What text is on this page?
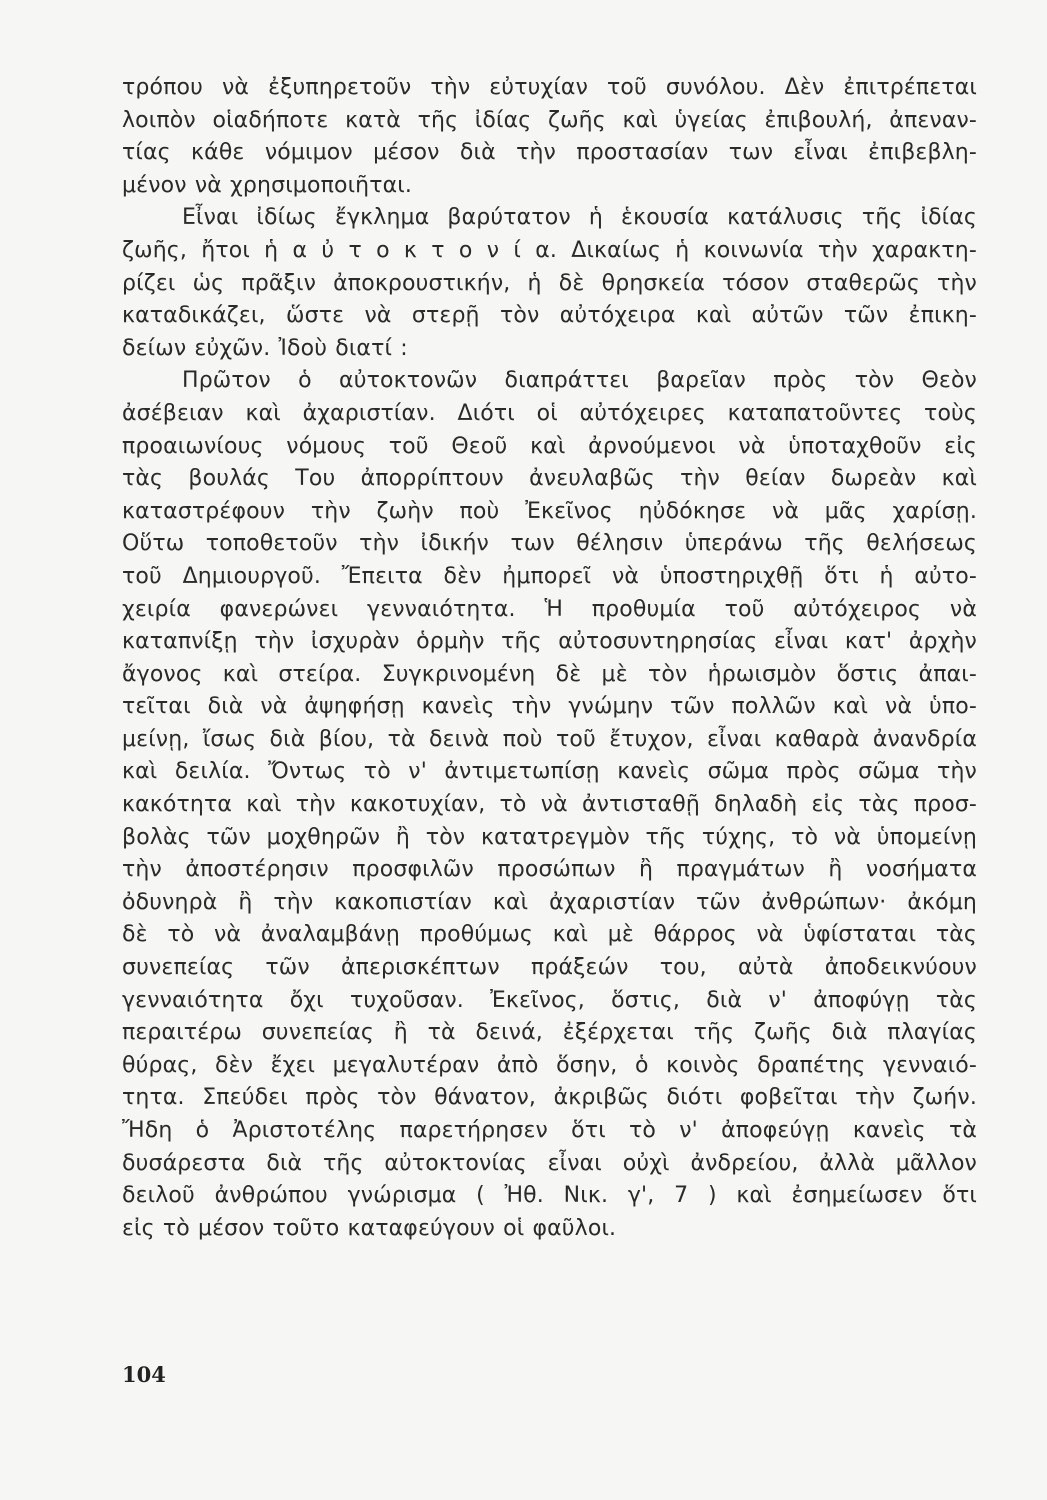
τρόπου νὰ ἐξυπηρετοῦν τὴν εὐτυχίαν τοῦ συνόλου. Δὲν ἐπιτρέπεται
λοιπὸν οἱαδήποτε κατὰ τῆς ἰδίας ζωῆς καὶ ὑγείας ἐπιβουλή, ἀπεναν-
τίας κάθε νόμιμον μέσον διὰ τὴν προστασίαν των εἶναι ἐπιβεβλη-
μένον νὰ χρησιμοποιῆται.
Εἶναι ἰδίως ἔγκλημα βαρύτατον ἡ ἑκουσία κατάλυσις τῆς ἰδίας
ζωῆς, ἤτοι ἡ α ὐ τ ο κ τ ο ν ί α. Δικαίως ἡ κοινωνία τὴν χαρακτη-
ρίζει ὡς πρᾶξιν ἀποκρουστικήν, ἡ δὲ θρησκεία τόσον σταθερῶς τὴν
καταδικάζει, ὥστε νὰ στερῇ τὸν αὐτόχειρα καὶ αὐτῶν τῶν ἐπικη-
δείων εὐχῶν. Ἰδοὺ διατί :
Πρῶτον ὁ αὐτοκτονῶν διαπράττει βαρεῖαν πρὸς τὸν Θεὸν
ἀσέβειαν καὶ ἀχαριστίαν. Διότι οἱ αὐτόχειρες καταπατοῦντες τοὺς
προαιωνίους νόμους τοῦ Θεοῦ καὶ ἀρνούμενοι νὰ ὑποταχθοῦν εἰς
τὰς βουλάς Του ἀπορρίπτουν ἀνευλαβῶς τὴν θείαν δωρεὰν καὶ
καταστρέφουν τὴν ζωὴν ποὺ Ἐκεῖνος ηὐδόκησε νὰ μᾶς χαρίσῃ.
Οὕτω τοποθετοῦν τὴν ἰδικήν των θέλησιν ὑπεράνω τῆς θελήσεως
τοῦ Δημιουργοῦ. Ἔπειτα δὲν ἠμπορεῖ νὰ ὑποστηριχθῇ ὅτι ἡ αὐτο-
χειρία φανερώνει γενναιότητα. Ἡ προθυμία τοῦ αὐτόχειρος νὰ
καταπνίξῃ τὴν ἰσχυρὰν ὁρμὴν τῆς αὐτοσυντηρησίας εἶναι κατ' ἀρχὴν
ἄγονος καὶ στείρα. Συγκρινομένη δὲ μὲ τὸν ἡρωισμὸν ὅστις ἀπαι-
τεῖται διὰ νὰ ἀψηφήσῃ κανεὶς τὴν γνώμην τῶν πολλῶν καὶ νὰ ὑπο-
μείνῃ, ἴσως διὰ βίου, τὰ δεινὰ ποὺ τοῦ ἔτυχον, εἶναι καθαρὰ ἀνανδρία
καὶ δειλία. Ὄντως τὸ ν' ἀντιμετωπίσῃ κανεὶς σῶμα πρὸς σῶμα τὴν
κακότητα καὶ τὴν κακοτυχίαν, τὸ νὰ ἀντισταθῇ δηλαδὴ εἰς τὰς προσ-
βολὰς τῶν μοχθηρῶν ἢ τὸν κατατρεγμὸν τῆς τύχης, τὸ νὰ ὑπομείνῃ
τὴν ἀποστέρησιν προσφιλῶν προσώπων ἢ πραγμάτων ἢ νοσήματα
ὀδυνηρὰ ἢ τὴν κακοπιστίαν καὶ ἀχαριστίαν τῶν ἀνθρώπων· ἀκόμη
δὲ τὸ νὰ ἀναλαμβάνῃ προθύμως καὶ μὲ θάρρος νὰ ὑφίσταται τὰς
συνεπείας τῶν ἀπερισκέπτων πράξεών του, αὐτὰ ἀποδεικνύουν
γενναιότητα ὄχι τυχοῦσαν. Ἐκεῖνος, ὅστις, διὰ ν' ἀποφύγῃ τὰς
περαιτέρω συνεπείας ἢ τὰ δεινά, ἐξέρχεται τῆς ζωῆς διὰ πλαγίας
θύρας, δὲν ἔχει μεγαλυτέραν ἀπὸ ὅσην, ὁ κοινὸς δραπέτης γενναιό-
τητα. Σπεύδει πρὸς τὸν θάνατον, ἀκριβῶς διότι φοβεῖται τὴν ζωήν.
Ἤδη ὁ Ἀριστοτέλης παρετήρησεν ὅτι τὸ ν' ἀποφεύγῃ κανεὶς τὰ
δυσάρεστα διὰ τῆς αὐτοκτονίας εἶναι οὐχὶ ἀνδρείου, ἀλλὰ μᾶλλον
δειλοῦ ἀνθρώπου γνώρισμα ( Ἠθ. Νικ. γ', 7 ) καὶ ἐσημείωσεν ὅτι
εἰς τὸ μέσον τοῦτο καταφεύγουν οἱ φαῦλοι.
104
